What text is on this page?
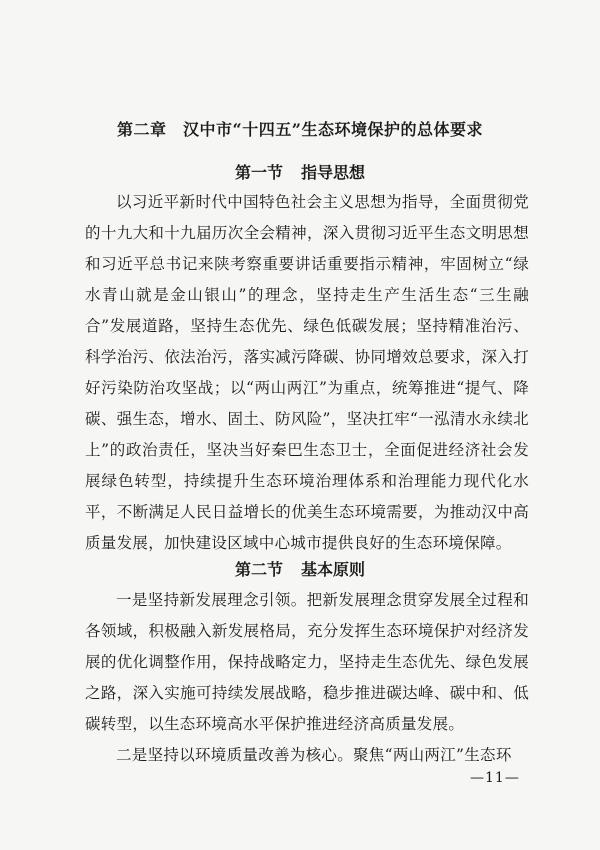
第二章　汉中市“十四五”生态环境保护的总体要求
第一节 指导思想

以习近平新时代中国特色社会主义思想为指导，全面贯彻党的十九大和十九届历次全会精神，深入贯彻习近平生态文明思想和习近平总书记来陕考察重要讲话重要指示精神，牢固树立“绿水青山就是金山银山”的理念，坚持走生产生活生态“三生融合”发展道路，坚持生态优先、绿色低碳发展；坚持精准治污、科学治污、依法治污，落实减污降碳、协同增效总要求，深入打好污染防治攻坚战；以“两山两江”为重点，统筹推进“提气、降碳、强生态，增水、固土、防风险”，坚决扛牢“一泓清水永续北上”的政治责任，坚决当好秦巴生态卫士，全面促进经济社会发展绿色转型，持续提升生态环境治理体系和治理能力现代化水平，不断满足人民日益增长的优美生态环境需要，为推动汉中高质量发展，加快建设区域中心城市提供良好的生态环境保障。

第二节 基本原则

一是坚持新发展理念引领。把新发展理念贯穿发展全过程和各领域，积极融入新发展格局，充分发挥生态环境保护对经济发展的优化调整作用，保持战略定力，坚持走生态优先、绿色发展之路，深入实施可持续发展战略，稳步推进碳达峰、碳中和、低碳转型，以生态环境高水平保护推进经济高质量发展。

二是坚持以环境质量改善为核心。聚焦“两山两江”生态环

—11—
